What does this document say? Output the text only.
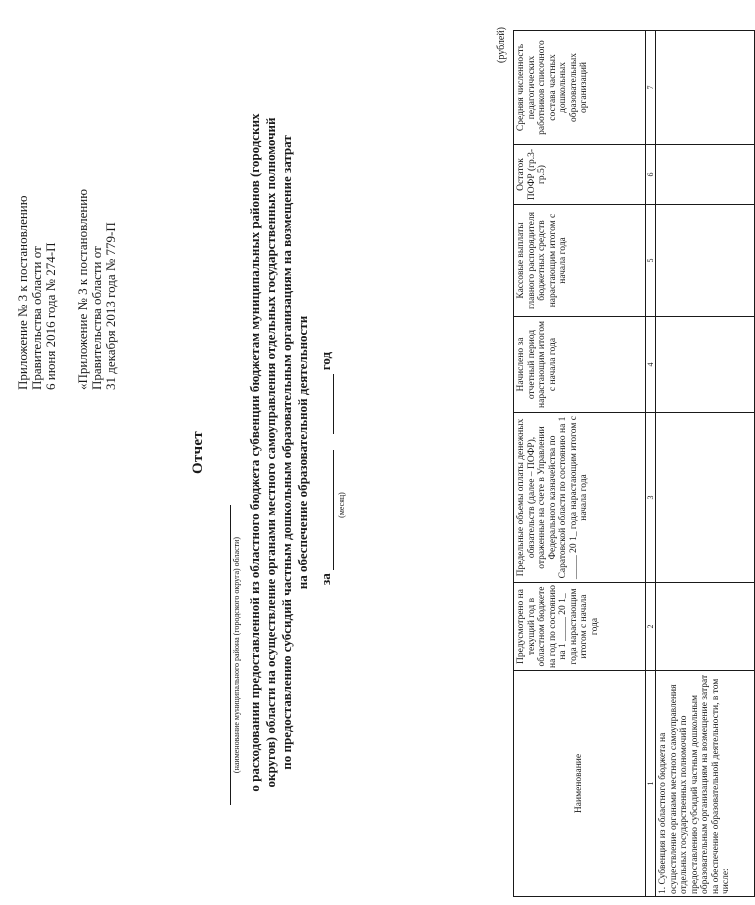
Приложение № 3 к постановлению Правительства области от 6 июня 2016 года № 274-П «Приложение № 3 к постановлению Правительства области от 31 декабря 2013 года № 779-П
Отчет
(наименование муниципального района (городского округа) области) о расходовании предоставленной из областного бюджета субвенции бюджетам муниципальных районов (городских округов) области на осуществление органами местного самоуправления отдельных государственных полномочий по предоставлению субсидий частным дошкольным образовательным организациям на возмещение затрат на обеспечение образовательной деятельности за    год
(месяц)
(рублей)
Наименование	Предусмотрено на текущий год в областном бюджете на год по состоянию на 1 _____ 20 1_ года нарастающим итогом с начала года	Предельные объемы оплаты денежных обязательств (далее – ПОФР), отраженные на счете в Управлении Федерального казначейства по Саратовской области по состоянию на 1 _____ 20 1_ года нарастающим итогом с начала года	Начислено за отчетный период нарастающим итогом с начала года	Кассовые выплаты главного распорядителя бюджетных средств нарастающим итогом с начала года	Остаток ПОФР (гр.3-гр.5)	Средняя численность педагогических работников списочного состава частных дошкольных образовательных организаций
1	2	3	4	5	6	7
1. Субвенция из областного бюджета на осуществление органами местного самоуправления отдельных государственных полномочий по предоставлению субсидий частным дошкольным образовательным организациям на возмещение затрат на обеспечение образовательной деятельности, в том числе:						
